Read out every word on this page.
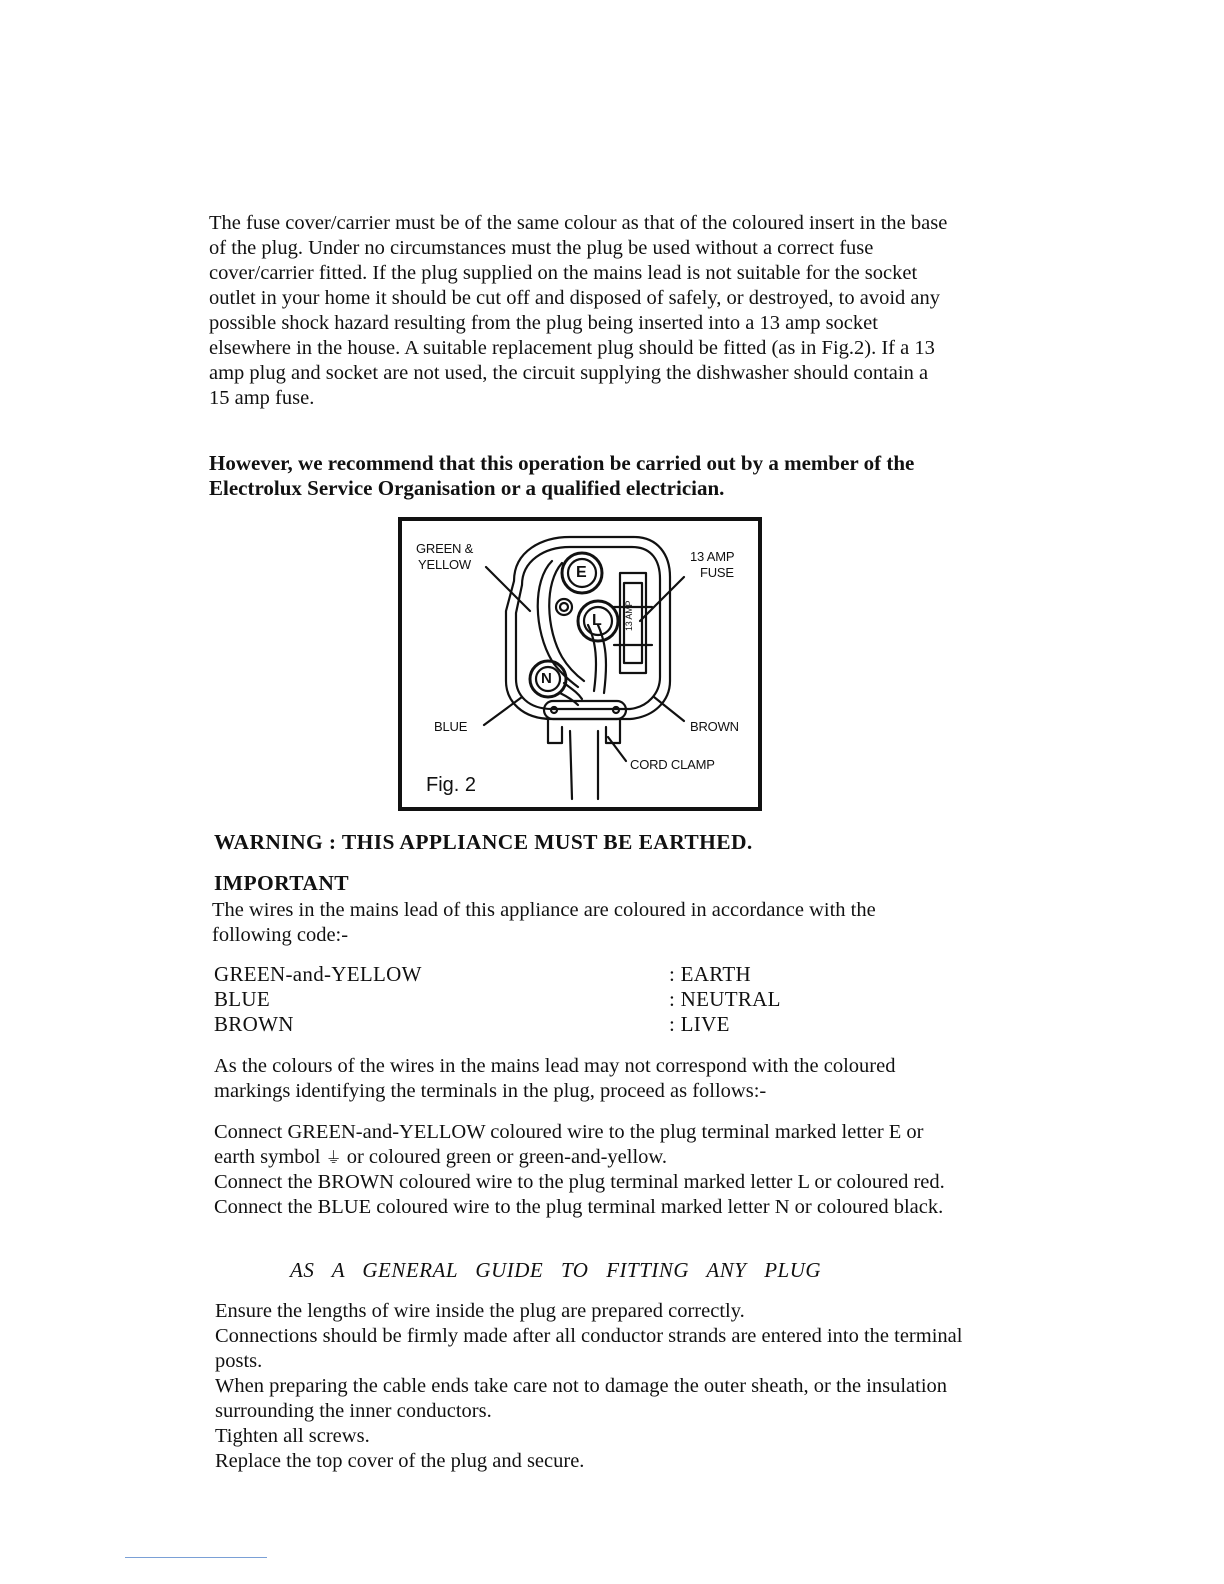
The fuse cover/carrier must be of the same colour as that of the coloured insert in the base of the plug. Under no circumstances must the plug be used without a correct fuse cover/carrier fitted. If the plug supplied on the mains lead is not suitable for the socket outlet in your home it should be cut off and disposed of safely, or destroyed, to avoid any possible shock hazard resulting from the plug being inserted into a 13 amp socket elsewhere in the house. A suitable replacement plug should be fitted (as in Fig.2). If a 13 amp plug and socket are not used, the circuit supplying the dishwasher should contain a 15 amp fuse.

However, we recommend that this operation be carried out by a member of the Electrolux Service Organisation or a qualified electrician.

GREEN &
YELLOW
13 AMP
FUSE
BLUE	BROWN
CORD CLAMP
E
L
N
13 AMP
Fig. 2

WARNING : THIS APPLIANCE MUST BE EARTHED.

IMPORTANT

The wires in the mains lead of this appliance are coloured in accordance with the following code:-

GREEN-and-YELLOW	: EARTH
BLUE	: NEUTRAL
BROWN	: LIVE

As the colours of the wires in the mains lead may not correspond with the coloured markings identifying the terminals in the plug, proceed as follows:-

Connect GREEN-and-YELLOW coloured wire to the plug terminal marked letter E or earth symbol ⏚ or coloured green or green-and-yellow.
Connect the BROWN coloured wire to the plug terminal marked letter L or coloured red. Connect the BLUE coloured wire to the plug terminal marked letter N or coloured black.

AS A GENERAL GUIDE TO FITTING ANY PLUG

Ensure the lengths of wire inside the plug are prepared correctly.
Connections should be firmly made after all conductor strands are entered into the terminal posts.
When preparing the cable ends take care not to damage the outer sheath, or the insulation surrounding the inner conductors.
Tighten all screws.
Replace the top cover of the plug and secure.
